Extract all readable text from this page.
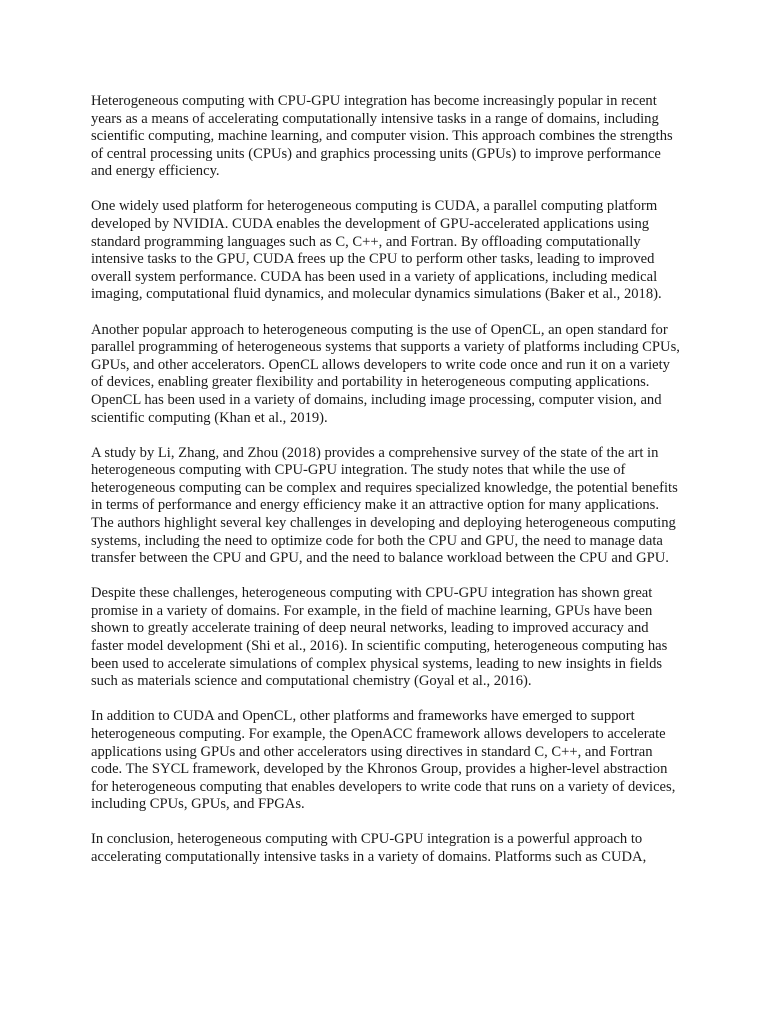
Heterogeneous computing with CPU-GPU integration has become increasingly popular in recent years as a means of accelerating computationally intensive tasks in a range of domains, including scientific computing, machine learning, and computer vision. This approach combines the strengths of central processing units (CPUs) and graphics processing units (GPUs) to improve performance and energy efficiency.

One widely used platform for heterogeneous computing is CUDA, a parallel computing platform developed by NVIDIA. CUDA enables the development of GPU-accelerated applications using standard programming languages such as C, C++, and Fortran. By offloading computationally intensive tasks to the GPU, CUDA frees up the CPU to perform other tasks, leading to improved overall system performance. CUDA has been used in a variety of applications, including medical imaging, computational fluid dynamics, and molecular dynamics simulations (Baker et al., 2018).

Another popular approach to heterogeneous computing is the use of OpenCL, an open standard for parallel programming of heterogeneous systems that supports a variety of platforms including CPUs, GPUs, and other accelerators. OpenCL allows developers to write code once and run it on a variety of devices, enabling greater flexibility and portability in heterogeneous computing applications. OpenCL has been used in a variety of domains, including image processing, computer vision, and scientific computing (Khan et al., 2019).

A study by Li, Zhang, and Zhou (2018) provides a comprehensive survey of the state of the art in heterogeneous computing with CPU-GPU integration. The study notes that while the use of heterogeneous computing can be complex and requires specialized knowledge, the potential benefits in terms of performance and energy efficiency make it an attractive option for many applications. The authors highlight several key challenges in developing and deploying heterogeneous computing systems, including the need to optimize code for both the CPU and GPU, the need to manage data transfer between the CPU and GPU, and the need to balance workload between the CPU and GPU.

Despite these challenges, heterogeneous computing with CPU-GPU integration has shown great promise in a variety of domains. For example, in the field of machine learning, GPUs have been shown to greatly accelerate training of deep neural networks, leading to improved accuracy and faster model development (Shi et al., 2016). In scientific computing, heterogeneous computing has been used to accelerate simulations of complex physical systems, leading to new insights in fields such as materials science and computational chemistry (Goyal et al., 2016).

In addition to CUDA and OpenCL, other platforms and frameworks have emerged to support heterogeneous computing. For example, the OpenACC framework allows developers to accelerate applications using GPUs and other accelerators using directives in standard C, C++, and Fortran code. The SYCL framework, developed by the Khronos Group, provides a higher-level abstraction for heterogeneous computing that enables developers to write code that runs on a variety of devices, including CPUs, GPUs, and FPGAs.

In conclusion, heterogeneous computing with CPU-GPU integration is a powerful approach to accelerating computationally intensive tasks in a variety of domains. Platforms such as CUDA,
